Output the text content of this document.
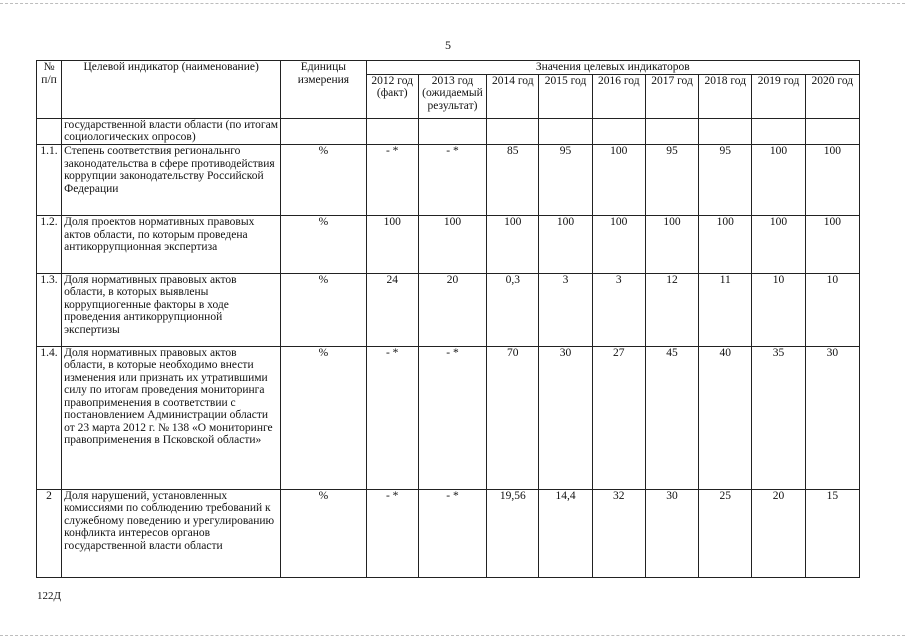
5
№ п/п	Целевой индикатор (наименование)	Единицы измерения	Значения целевых индикаторов								
			2012 год (факт)	2013 год (ожидаемый результат)	2014 год	2015 год	2016 год	2017 год	2018 год	2019 год	2020 год
	государственной власти области (по итогам социологических опросов)										
1.1.	Степень соответствия региональнго законодательства в сфере противодействия коррупции законодательству Российской Федерации	%	- *	- *	85	95	100	95	95	100	100
1.2.	Доля проектов нормативных правовых актов области, по которым проведена антикоррупционная экспертиза	%	100	100	100	100	100	100	100	100	100
1.3.	Доля нормативных правовых актов области, в которых выявлены коррупциогенные факторы в ходе проведения антикоррупционной экспертизы	%	24	20	0,3	3	3	12	11	10	10
1.4.	Доля нормативных правовых актов области, в которые необходимо внести изменения или признать их утратившими силу по итогам проведения мониторинга правоприменения в соответствии с постановлением Администрации области от 23 марта 2012 г. № 138 «О мониторинге правоприменения в Псковской области»	%	- *	- *	70	30	27	45	40	35	30
2	Доля нарушений, установленных комиссиями по соблюдению требований к служебному поведению и урегулированию конфликта интересов органов государственной власти области	%	- *	- *	19,56	14,4	32	30	25	20	15
122Д
